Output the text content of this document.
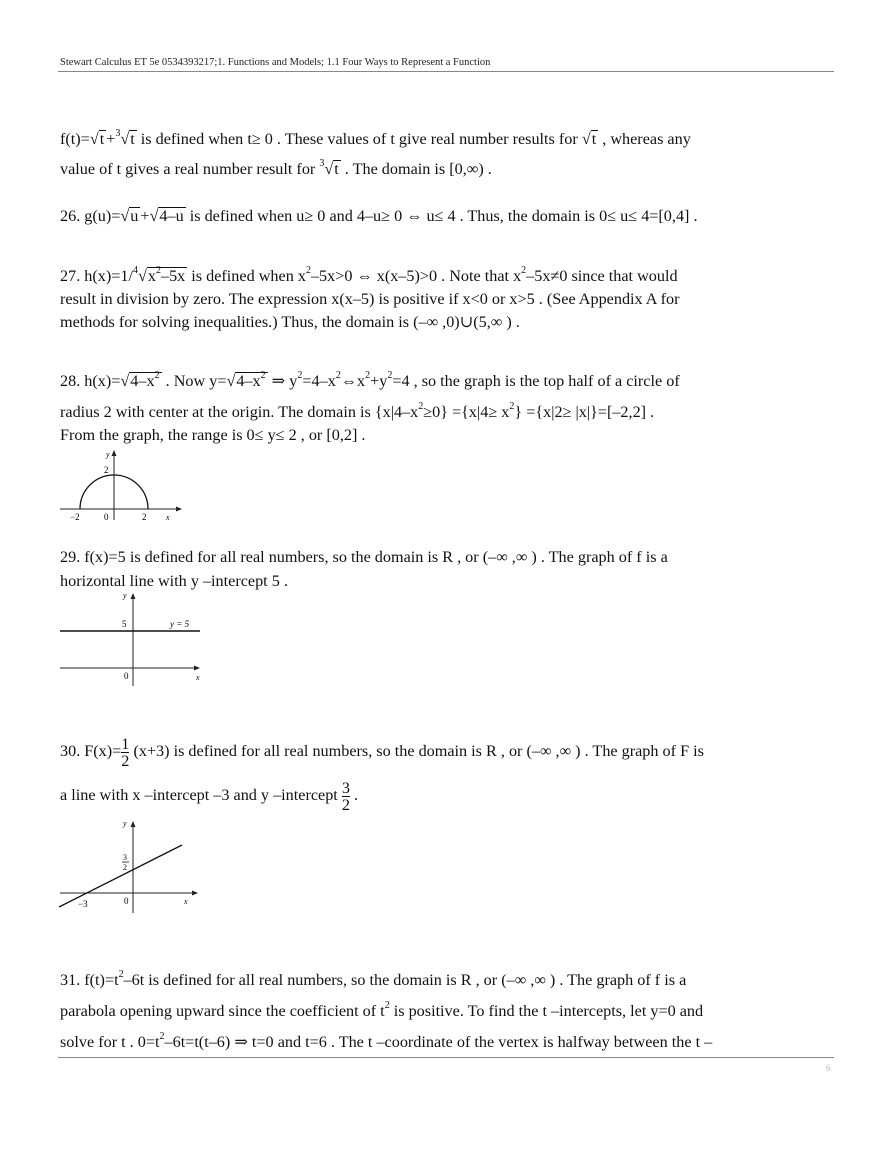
Stewart Calculus ET 5e 0534393217;1. Functions and Models; 1.1 Four Ways to Represent a Function
f(t)=√t +$^3$√t is defined when t≥ 0 . These values of t give real number results for √t , whereas any
value of t gives a real number result for $^3$√t . The domain is [0,∞) .
26. g(u)=√u +√4–u is defined when u≥ 0 and 4–u≥ 0 ⇔ u≤ 4 . Thus, the domain is 0≤ u≤ 4=[0,4] .
27. $h(x)=1/^4√x^2-5x$ is defined when $x^2-5x>0$ ⇔ x(x–5)>0 . Note that $x^2-5x\ne 0$ since that would
result in division by zero. The expression x(x–5) is positive if x<0 or x>5 . (See Appendix A for
methods for solving inequalities.) Thus, the domain is (–∞ ,0)∪(5,∞ ) .
28. $h(x)=√4-x^2$ . Now $y=√4-x^2$ ⇒ $y^2=4-x^2\Leftrightarrow x^2+y^2=4$ , so the graph is the top half of a circle of
radius 2 with center at the origin. The domain is $\{x|4-x^2\ge 0\} =\{x|4\ge x^2\} =\{x|2\ge |x|\}=[-2,2]$ .
From the graph, the range is 0≤ y≤ 2 , or [0,2] .
y
x
2
−2	0	2
29. f(x)=5 is defined for all real numbers, so the domain is R , or (–∞ ,∞ ) . The graph of f is a
horizontal line with y –intercept 5 .
y
x
5	y = 5
0
30. $F(x)= \frac{1}{2} (x+3)$ is defined for all real numbers, so the domain is R , or (–∞ ,∞ ) . The graph of F is
a line with x –intercept –3 and y –intercept $\frac{3}{2}$ .
y
x
3
2
−3	0
31. $f(t)=t^2-6t$ is defined for all real numbers, so the domain is R , or (–∞ ,∞ ) . The graph of f is a
parabola opening upward since the coefficient of $t^2$ is positive. To find the t –intercepts, let y=0 and
solve for t . $0=t^2-6t=t(t-6)$ ⇒ t=0 and t=6 . The t –coordinate of the vertex is halfway between the t –
6
